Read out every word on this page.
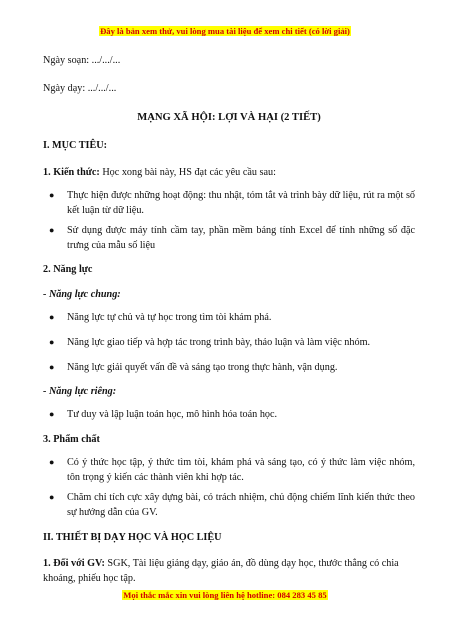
Đây là bản xem thử, vui lòng mua tài liệu để xem chi tiết (có lời giải)

Ngày soạn: .../.../...

Ngày dạy: .../.../...

MẠNG XÃ HỘI: LỢI VÀ HẠI (2 TIẾT)

I. MỤC TIÊU:

1. Kiến thức: Học xong bài này, HS đạt các yêu cầu sau:

● Thực hiện được những hoạt động: thu nhật, tóm tắt và trình bày dữ liệu, rút ra một số kết luận từ dữ liệu.
● Sử dụng được máy tính cầm tay, phần mềm bảng tính Excel để tính những số đặc trưng của mẫu số liệu

2. Năng lực

- Năng lực chung:

● Năng lực tự chủ và tự học trong tìm tòi khám phá.
● Năng lực giao tiếp và hợp tác trong trình bày, thảo luận và làm việc nhóm.
● Năng lực giải quyết vấn đề và sáng tạo trong thực hành, vận dụng.

- Năng lực riêng:

● Tư duy và lập luận toán học, mô hình hóa toán học.

3. Phẩm chất

● Có ý thức học tập, ý thức tìm tòi, khám phá và sáng tạo, có ý thức làm việc nhóm, tôn trọng ý kiến các thành viên khi hợp tác.
● Chăm chỉ tích cực xây dựng bài, có trách nhiệm, chủ động chiếm lĩnh kiến thức theo sự hướng dẫn của GV.

II. THIẾT BỊ DẠY HỌC VÀ HỌC LIỆU

1. Đối với GV: SGK, Tài liệu giảng dạy, giáo án, đồ dùng dạy học, thước thẳng có chia khoảng, phiếu học tập.

Mọi thắc mắc xin vui lòng liên hệ hotline: 084 283 45 85
